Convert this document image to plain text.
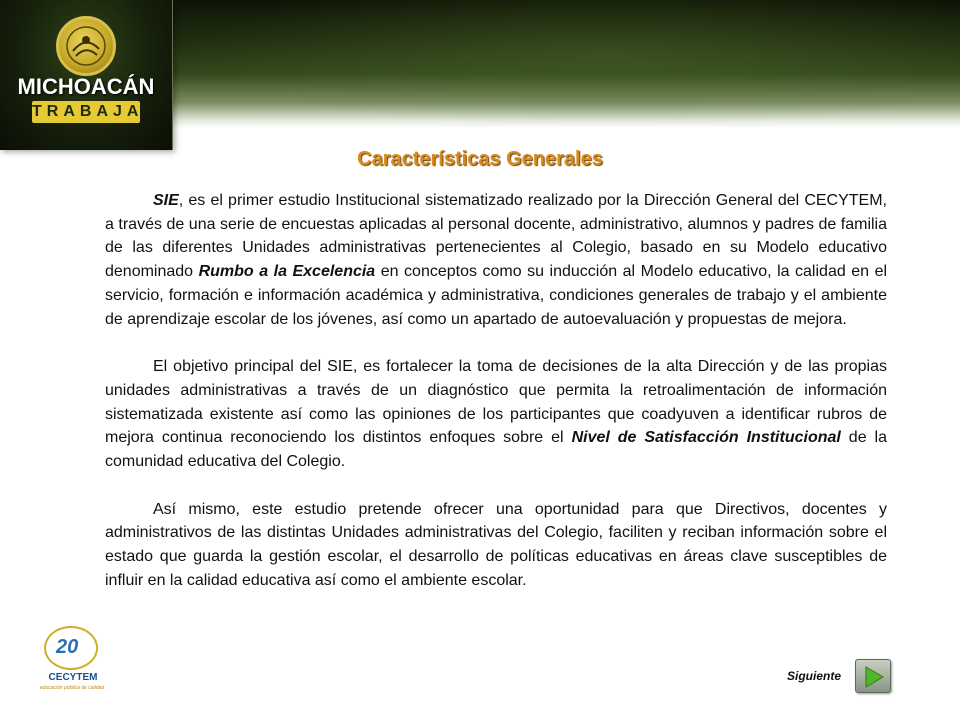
MICHOACÁN
TRABAJA
Características Generales

SIE, es el primer estudio Institucional sistematizado realizado por la Dirección General del CECYTEM, a través de una serie de encuestas aplicadas al personal docente, administrativo, alumnos y padres de familia de las diferentes Unidades administrativas pertenecientes al Colegio, basado en su Modelo educativo denominado Rumbo a la Excelencia en conceptos como su inducción al Modelo educativo, la calidad en el servicio, formación e información académica y administrativa, condiciones generales de trabajo y el ambiente de aprendizaje escolar de los jóvenes, así como un apartado de autoevaluación y propuestas de mejora.

El objetivo principal del SIE, es fortalecer la toma de decisiones de la alta Dirección y de las propias unidades administrativas a través de un diagnóstico que permita la retroalimentación de información sistematizada existente así como las opiniones de los participantes que coadyuven a identificar rubros de mejora continua reconociendo los distintos enfoques sobre el Nivel de Satisfacción Institucional de la comunidad educativa del Colegio.

Así mismo, este estudio pretende ofrecer una oportunidad para que Directivos, docentes y administrativos de las distintas Unidades administrativas del Colegio, faciliten y reciban información sobre el estado que guarda la gestión escolar, el desarrollo de políticas educativas en áreas clave susceptibles de influir en la calidad educativa así como el ambiente escolar.

20
CECYTEM
educación pública de calidad
Siguiente
